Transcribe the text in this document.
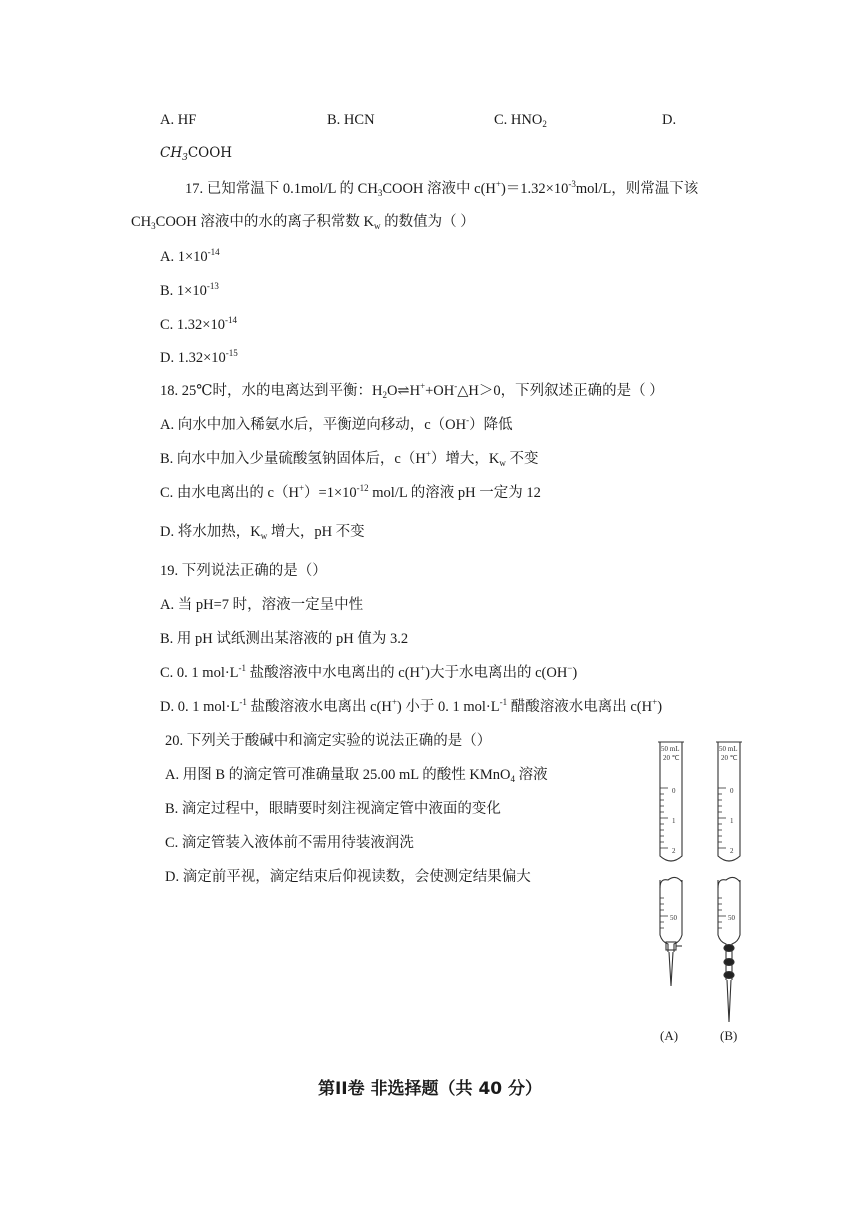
A. HF	B. HCN	C. $HNO_2$	D.
$CH_3COOH$
17. 已知常温下 0.1mol/L 的 $CH_3COOH$ 溶液中 $c(H^+)=1.32\times 10^{-3}mol/L$，则常温下该
$CH_3COOH$ 溶液中的水的离子积常数 $K_w$ 的数值为（ ）
A. $1\times 10^{-14}$
B. $1\times 10^{-13}$
C. $1.32\times 10^{-14}$
D. $1.32\times 10^{-15}$
18. 25℃时，水的电离达到平衡：$H_2O\rightleftharpoons H^++OH^-\triangle H>0$，下列叙述正确的是（ ）
A. 向水中加入稀氨水后，平衡逆向移动，c（OH-）降低
B. 向水中加入少量硫酸氢钠固体后，c（H+）增大，$K_w$ 不变
C. 由水电离出的 $c(H^+)=1\times 10^{-12}$ mol/L 的溶液 pH 一定为 12
D. 将水加热，$K_w$ 增大，pH 不变
19. 下列说法正确的是（）
A. 当 pH=7 时，溶液一定呈中性
B. 用 pH 试纸测出某溶液的 pH 值为 3.2
C. 0. 1 $mol\cdot L^{-1}$ 盐酸溶液中水电离出的 c(H+)大于水电离出的 c(OH−)
D. 0. 1 $mol\cdot L^{-1}$ 盐酸溶液水电离出 c(H+) 小于 0. 1 $mol\cdot L^{-1}$ 醋酸溶液水电离出 c(H+)
20. 下列关于酸碱中和滴定实验的说法正确的是（）
A. 用图 B 的滴定管可准确量取 25.00 mL 的酸性 KMnO$_4$ 溶液
B. 滴定过程中，眼睛要时刻注视滴定管中液面的变化
C. 滴定管装入液体前不需用待装液润洗
D. 滴定前平视，滴定结束后仰视读数，会使测定结果偏大
50 mL
20 ℃
0
1
2
50 mL
20 ℃
0
1
2
50	50
(A)	(B)
第II卷 非选择题（共 40 分）
